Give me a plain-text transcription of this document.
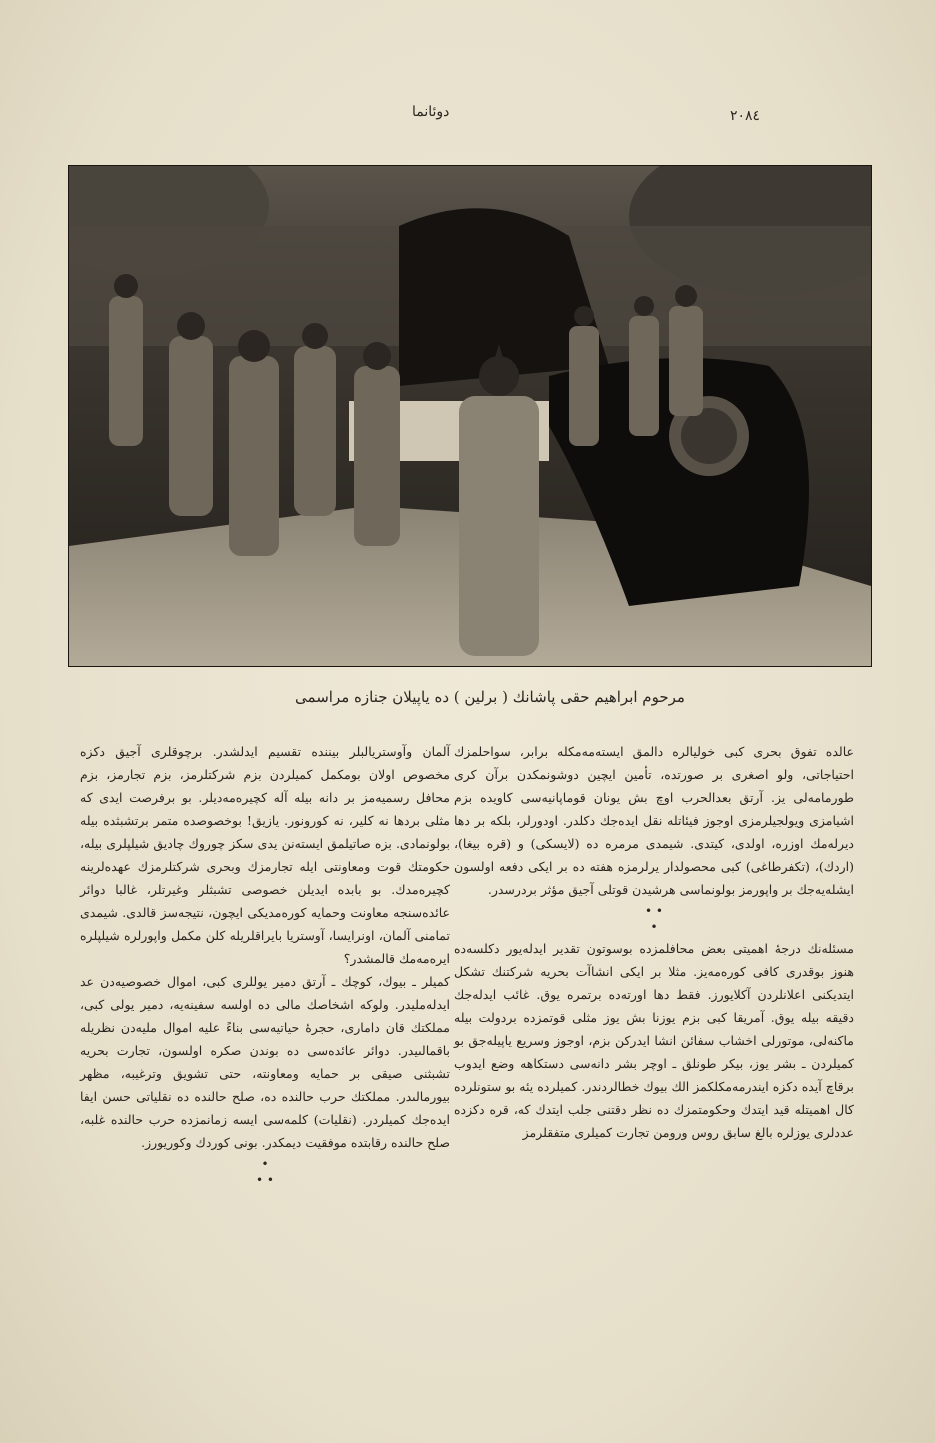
٢٠٨٤
دوئانما
مرحوم ابراهيم حقى پاشانك ( برلين ) ده ياپيلان جنازه مراسمى

عالده تفوق بحرى كبى خوليالره دالمق ايستەمەمكله برابر، سواحلمزك احتياجاتى، ولو اصغرى بر صورتده، تأمين ايچين دوشونمكدن برآن كرى طورمامەلى يز. آرتق بعدالحرب اوچ بش يونان قوماپانيەسى كاويده بزم اشيامزى ويولجيلرمزى اوجوز فيئاتله نقل ايدەجك دكلدر. اودورلر، بلكه بر دها ديرلەمك اوزره، اولدى، كيتدى. شيمدى مرمره ده (لايسكى) و (قره بيغا)، (اردك)، (تكفرطاغى) كبى محصولدار يرلرمزه هفته ده بر ايكى دفعه اولسون ايشلەيەجك بر واپورمز بولونماسى هرشيدن قوتلى آجيق مؤثر بردرسدر.

• •
•

مسئلەنك درجۀ اهميتى بعض محافلمزده بوسوتون تقدير ايدلەيور دكلسەده هنوز بوقدرى كافى كورەمەيز. مثلا بر ايكى انشاآت بحريه شركتنك تشكل ايتديكنى اعلانلردن آكلايورز. فقط دها اورتەده برتمره يوق. غائب ايدلەجك دقيقه بيله يوق. آمريقا كبى بزم يوزنا بش يوز مثلى قوتمزده بردولت بيله ماكنەلى، موتورلى اخشاب سفائن انشا ايدركن بزم، اوجوز وسريع ياپيلەجق بو كميلردن ـ بشر يوز، بيكر طونلق ـ اوچر بشر دانەسى دستكاهه وضع ايدوب برقاچ آيده دكزه ايندرمەمكلكمز الك بيوك خطالردندر. كميلرده يئه بو ستونلرده كال اهميتله قيد ايتدك وحكومتمزك ده نظر دقتنى جلب ايتدك كه، قره دكزده عددلرى يوزلره بالغ سابق روس ورومن تجارت كميلرى متفقلرمز

آلمان وآوستريالبلر بيننده تقسيم ايدلشدر. برچوقلرى آجيق دكزه مخصوص اولان بومكمل كميلردن بزم شركتلرمز، بزم تجارمز، بزم محافل رسميەمز بر دانه بيله آله كچيرەمەديلر. بو برفرصت ايدى كه مثلى بردها نه كلير، نه كورونور. يازيق! بوخصوصده متمر برتشبثده بيله بولونمادى. بزه صاتيلمق ايستەنن يدى سكز چوروك چاديق شيلپلرى بيله، حكومتك قوت ومعاونتى ايله تجارمزك وبحرى شركتلرمزك عهدەلرينه كچيرەمدك. بو بابده ايديلن خصوصى تشبثلر وغيرتلر، غالبا دوائر عائدەسنجه معاونت وحمايه كورەمديكى ايچون، نتيجەسز قالدى. شيمدى تمامنى آلمان، اونرايسا، آوستريا بايراقلريله كلن مكمل واپورلره شيلپلره ايرەمەمك قالمشدر؟

كميلر ـ بيوك، كوچك ـ آرتق دمير يوللرى كبى، اموال خصوصيەدن عد ايدلەمليدر. ولوكه اشخاصك مالى ده اولسه سفينەيه، دمير يولى كبى، مملكتك قان دامارى، حجرۀ حياتيەسى بناءً عليه اموال مليەدن نظريله باقمالىيدر. دوائر عائدەسى ده بوندن صكره اولسون، تجارت بحريه تشبثنى صيقى بر حمايه ومعاونته، حتى تشويق وترغيبه، مظهر بيورمالىدر. مملكتك حرب حالنده ده، صلح حالنده ده نقلياتى حسن ايفا ايدەجك كميلردر. (نقليات) كلمەسى ايسه زمانمزده حرب حالنده غلبه، صلح حالنده رقابتده موفقيت ديمكدر. بونى كوردك وكوريورز.

•
• •
